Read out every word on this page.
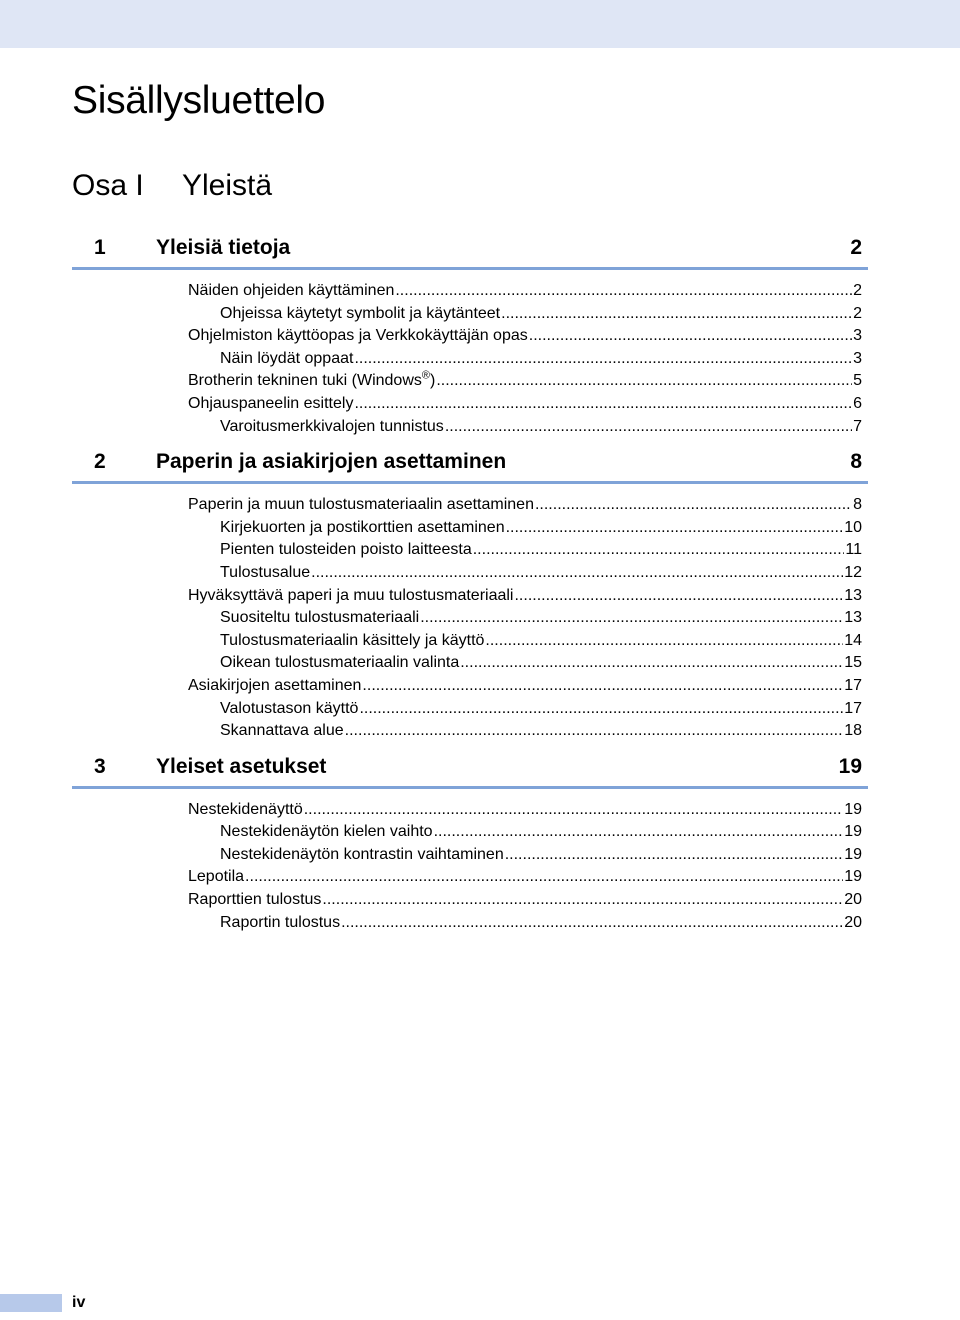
Sisällysluettelo
Osa I Yleistä
1	Yleisiä tietoja	2
Näiden ohjeiden käyttäminen .....	2
Ohjeissa käytetyt symbolit ja käytänteet .....	2
Ohjelmiston käyttöopas ja Verkkokäyttäjän opas .....	3
Näin löydät oppaat .....	3
Brotherin tekninen tuki (Windows®) .....	5
Ohjauspaneelin esittely .....	6
Varoitusmerkkivalojen tunnistus .....	7
2	Paperin ja asiakirjojen asettaminen	8
Paperin ja muun tulostusmateriaalin asettaminen .....	8
Kirjekuorten ja postikorttien asettaminen .....	10
Pienten tulosteiden poisto laitteesta .....	11
Tulostusalue .....	12
Hyväksyttävä paperi ja muu tulostusmateriaali .....	13
Suositeltu tulostusmateriaali .....	13
Tulostusmateriaalin käsittely ja käyttö .....	14
Oikean tulostusmateriaalin valinta .....	15
Asiakirjojen asettaminen .....	17
Valotustason käyttö .....	17
Skannattava alue .....	18
3	Yleiset asetukset	19
Nestekidenäyttö .....	19
Nestekidenäytön kielen vaihto .....	19
Nestekidenäytön kontrastin vaihtaminen .....	19
Lepotila .....	19
Raporttien tulostus .....	20
Raportin tulostus .....	20
iv
